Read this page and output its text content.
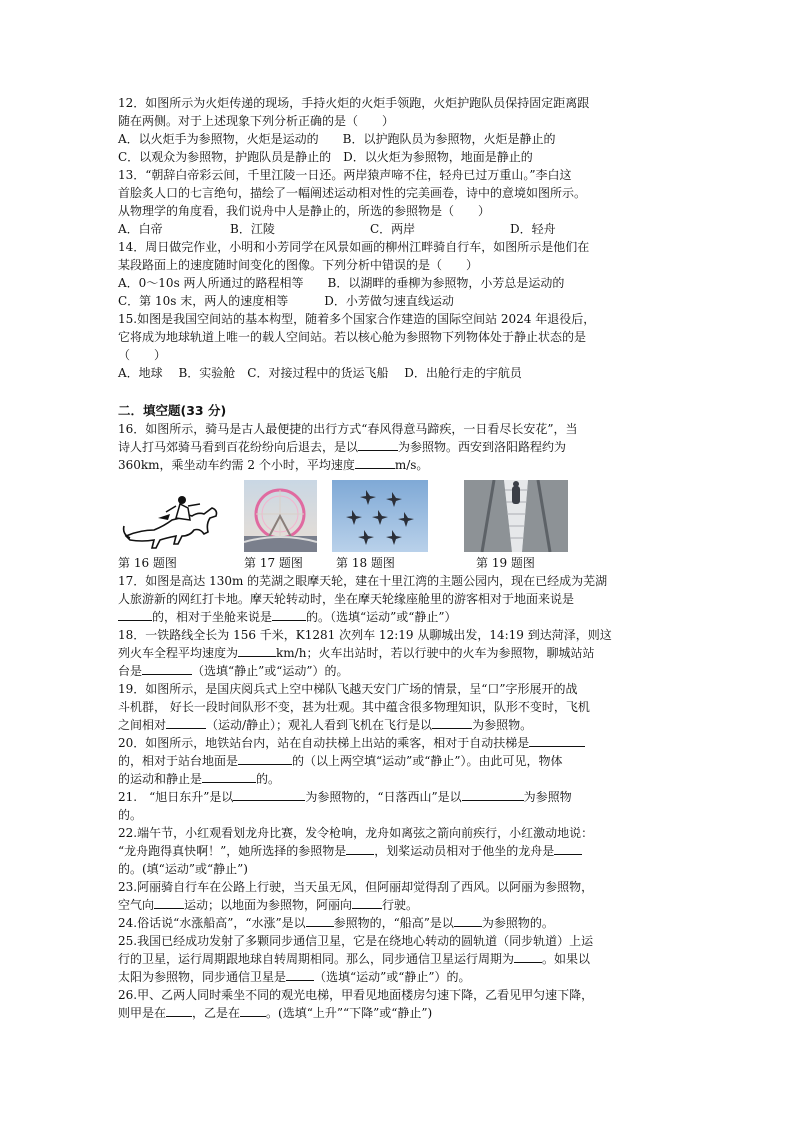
12．如图所示为火炬传递的现场，手持火炬的火炬手领跑，火炬护跑队员保持固定距离跟

随在两侧。对于上述现象下列分析正确的是（　　）

A．以火炬手为参照物，火炬是运动的　　B．以护跑队员为参照物，火炬是静止的

C．以观众为参照物，护跑队员是静止的　D．以火炬为参照物，地面是静止的

13．“朝辞白帝彩云间，千里江陵一日还。两岸猿声啼不住，轻舟已过万重山。”李白这

首脍炙人口的七言绝句，描绘了一幅阐述运动相对性的完美画卷，诗中的意境如图所示。

从物理学的角度看，我们说舟中人是静止的，所选的参照物是（　　）

A．白帝	B．江陵	C．两岸	D．轻舟

14．周日做完作业，小明和小芳同学在风景如画的柳州江畔骑自行车，如图所示是他们在

某段路面上的速度随时间变化的图像。下列分析中错误的是（　　）

A．0～10s 两人所通过的路程相等　　B．以湖畔的垂柳为参照物，小芳总是运动的

C．第 10s 末，两人的速度相等　　　D．小芳做匀速直线运动

15.如图是我国空间站的基本构型，随着多个国家合作建造的国际空间站 2024 年退役后，

它将成为地球轨道上唯一的载人空间站。若以核心舱为参照物下列物体处于静止状态的是

（　　）

A．地球　 B．实验舱　C．对接过程中的货运飞船　 D．出舱行走的宇航员

二．填空题(33 分)

16．如图所示，骑马是古人最便捷的出行方式“春风得意马蹄疾，一日看尽长安花”，当

诗人打马郊骑马看到百花纷纷向后退去，是以	为参照物。西安到洛阳路程约为

360km，乘坐动车约需 2 个小时，平均速度	m/s。

第 16 题图	第 17 题图	第 18 题图	第 19 题图

17．如图是高达 130m 的芜湖之眼摩天轮，建在十里江湾的主题公园内，现在已经成为芜湖

人旅游新的网红打卡地。摩天轮转动时，坐在摩天轮缘座舱里的游客相对于地面来说是

的，相对于坐舱来说是	的。（选填“运动”或“静止”）

18．一铁路线全长为 156 千米，K1281 次列车 12:19 从聊城出发，14:19 到达菏泽，则这

列火车全程平均速度为	km/h；火车出站时，若以行驶中的火车为参照物，聊城站站

台是	（选填“静止”或“运动”）的。

19．如图所示，是国庆阅兵式上空中梯队飞越天安门广场的情景，呈“口”字形展开的战

斗机群， 好长一段时间队形不变，甚为壮观。其中蕴含很多物理知识，队形不变时，飞机

之间相对	（运动/静止）；观礼人看到飞机在飞行是以	为参照物。

20．如图所示，地铁站台内，站在自动扶梯上出站的乘客，相对于自动扶梯是

的，相对于站台地面是	的（以上两空填“运动”或“静止”）。由此可见，物体

的运动和静止是	的。

21.　“旭日东升”是以	为参照物的，“日落西山”是以	为参照物

的。

22.端午节，小红观看划龙舟比赛，发令枪响，龙舟如离弦之箭向前疾行，小红激动地说：

“龙舟跑得真快啊！”，她所选择的参照物是 ，划桨运动员相对于他坐的龙舟是

的。(填“运动”或“静止”)

23.阿丽骑自行车在公路上行驶，当天虽无风，但阿丽却觉得刮了西风。以阿丽为参照物，

空气向	运动；以地面为参照物，阿丽向	行驶。

24.俗话说“水涨船高”，“水涨”是以 参照物的，“船高”是以 为参照物的。

25.我国已经成功发射了多颗同步通信卫星，它是在绕地心转动的圆轨道（同步轨道）上运

行的卫星，运行周期跟地球自转周期相同。那么，同步通信卫星运行周期为 。如果以

太阳为参照物，同步通信卫星是 （选填“运动”或“静止”）的。

26.甲、乙两人同时乘坐不同的观光电梯，甲看见地面楼房匀速下降，乙看见甲匀速下降，

则甲是在 ，乙是在 。(选填“上升”“下降”或“静止”)
